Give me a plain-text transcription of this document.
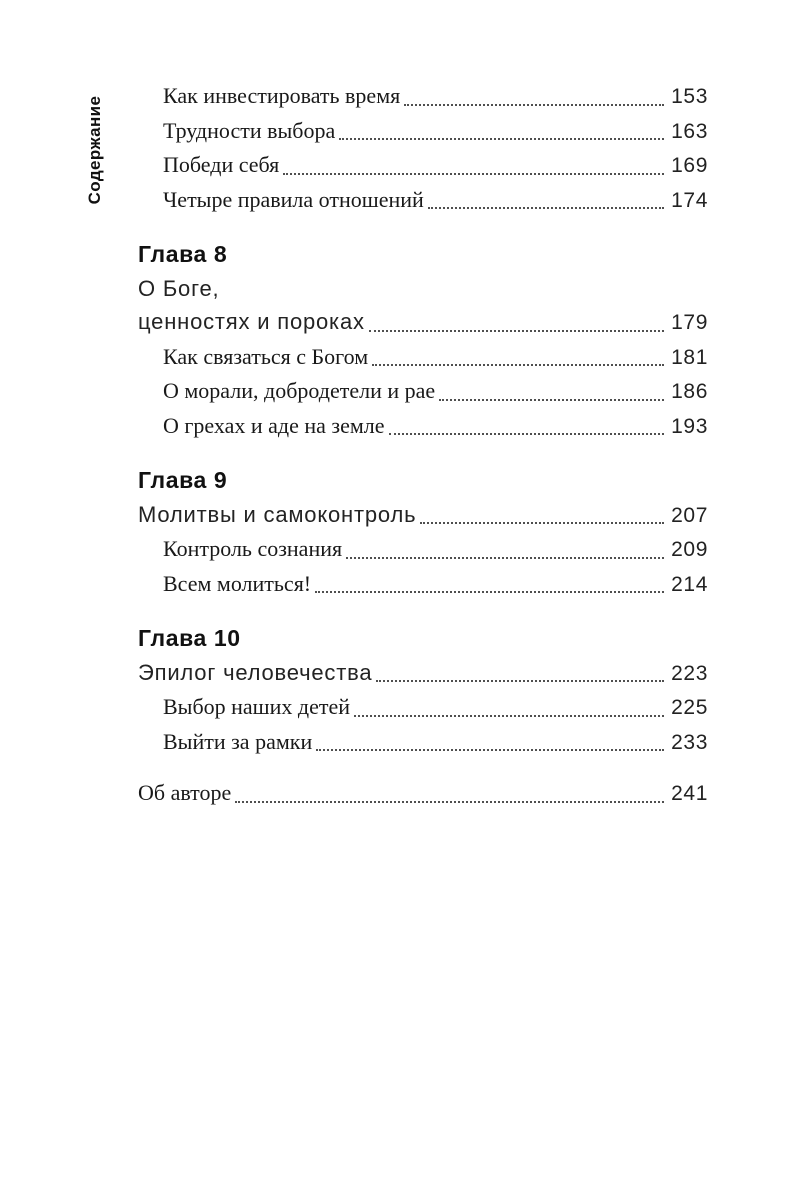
Содержание
Как инвестировать время	153
Трудности выбора	163
Победи себя	169
Четыре правила отношений	174
Глава 8
О Боге,
ценностях и пороках	179
Как связаться с Богом	181
О морали, добродетели и рае	186
О грехах и аде на земле	193
Глава 9
Молитвы и самоконтроль	207
Контроль сознания	209
Всем молиться!	214
Глава 10
Эпилог человечества	223
Выбор наших детей	225
Выйти за рамки	233
Об авторе	241
